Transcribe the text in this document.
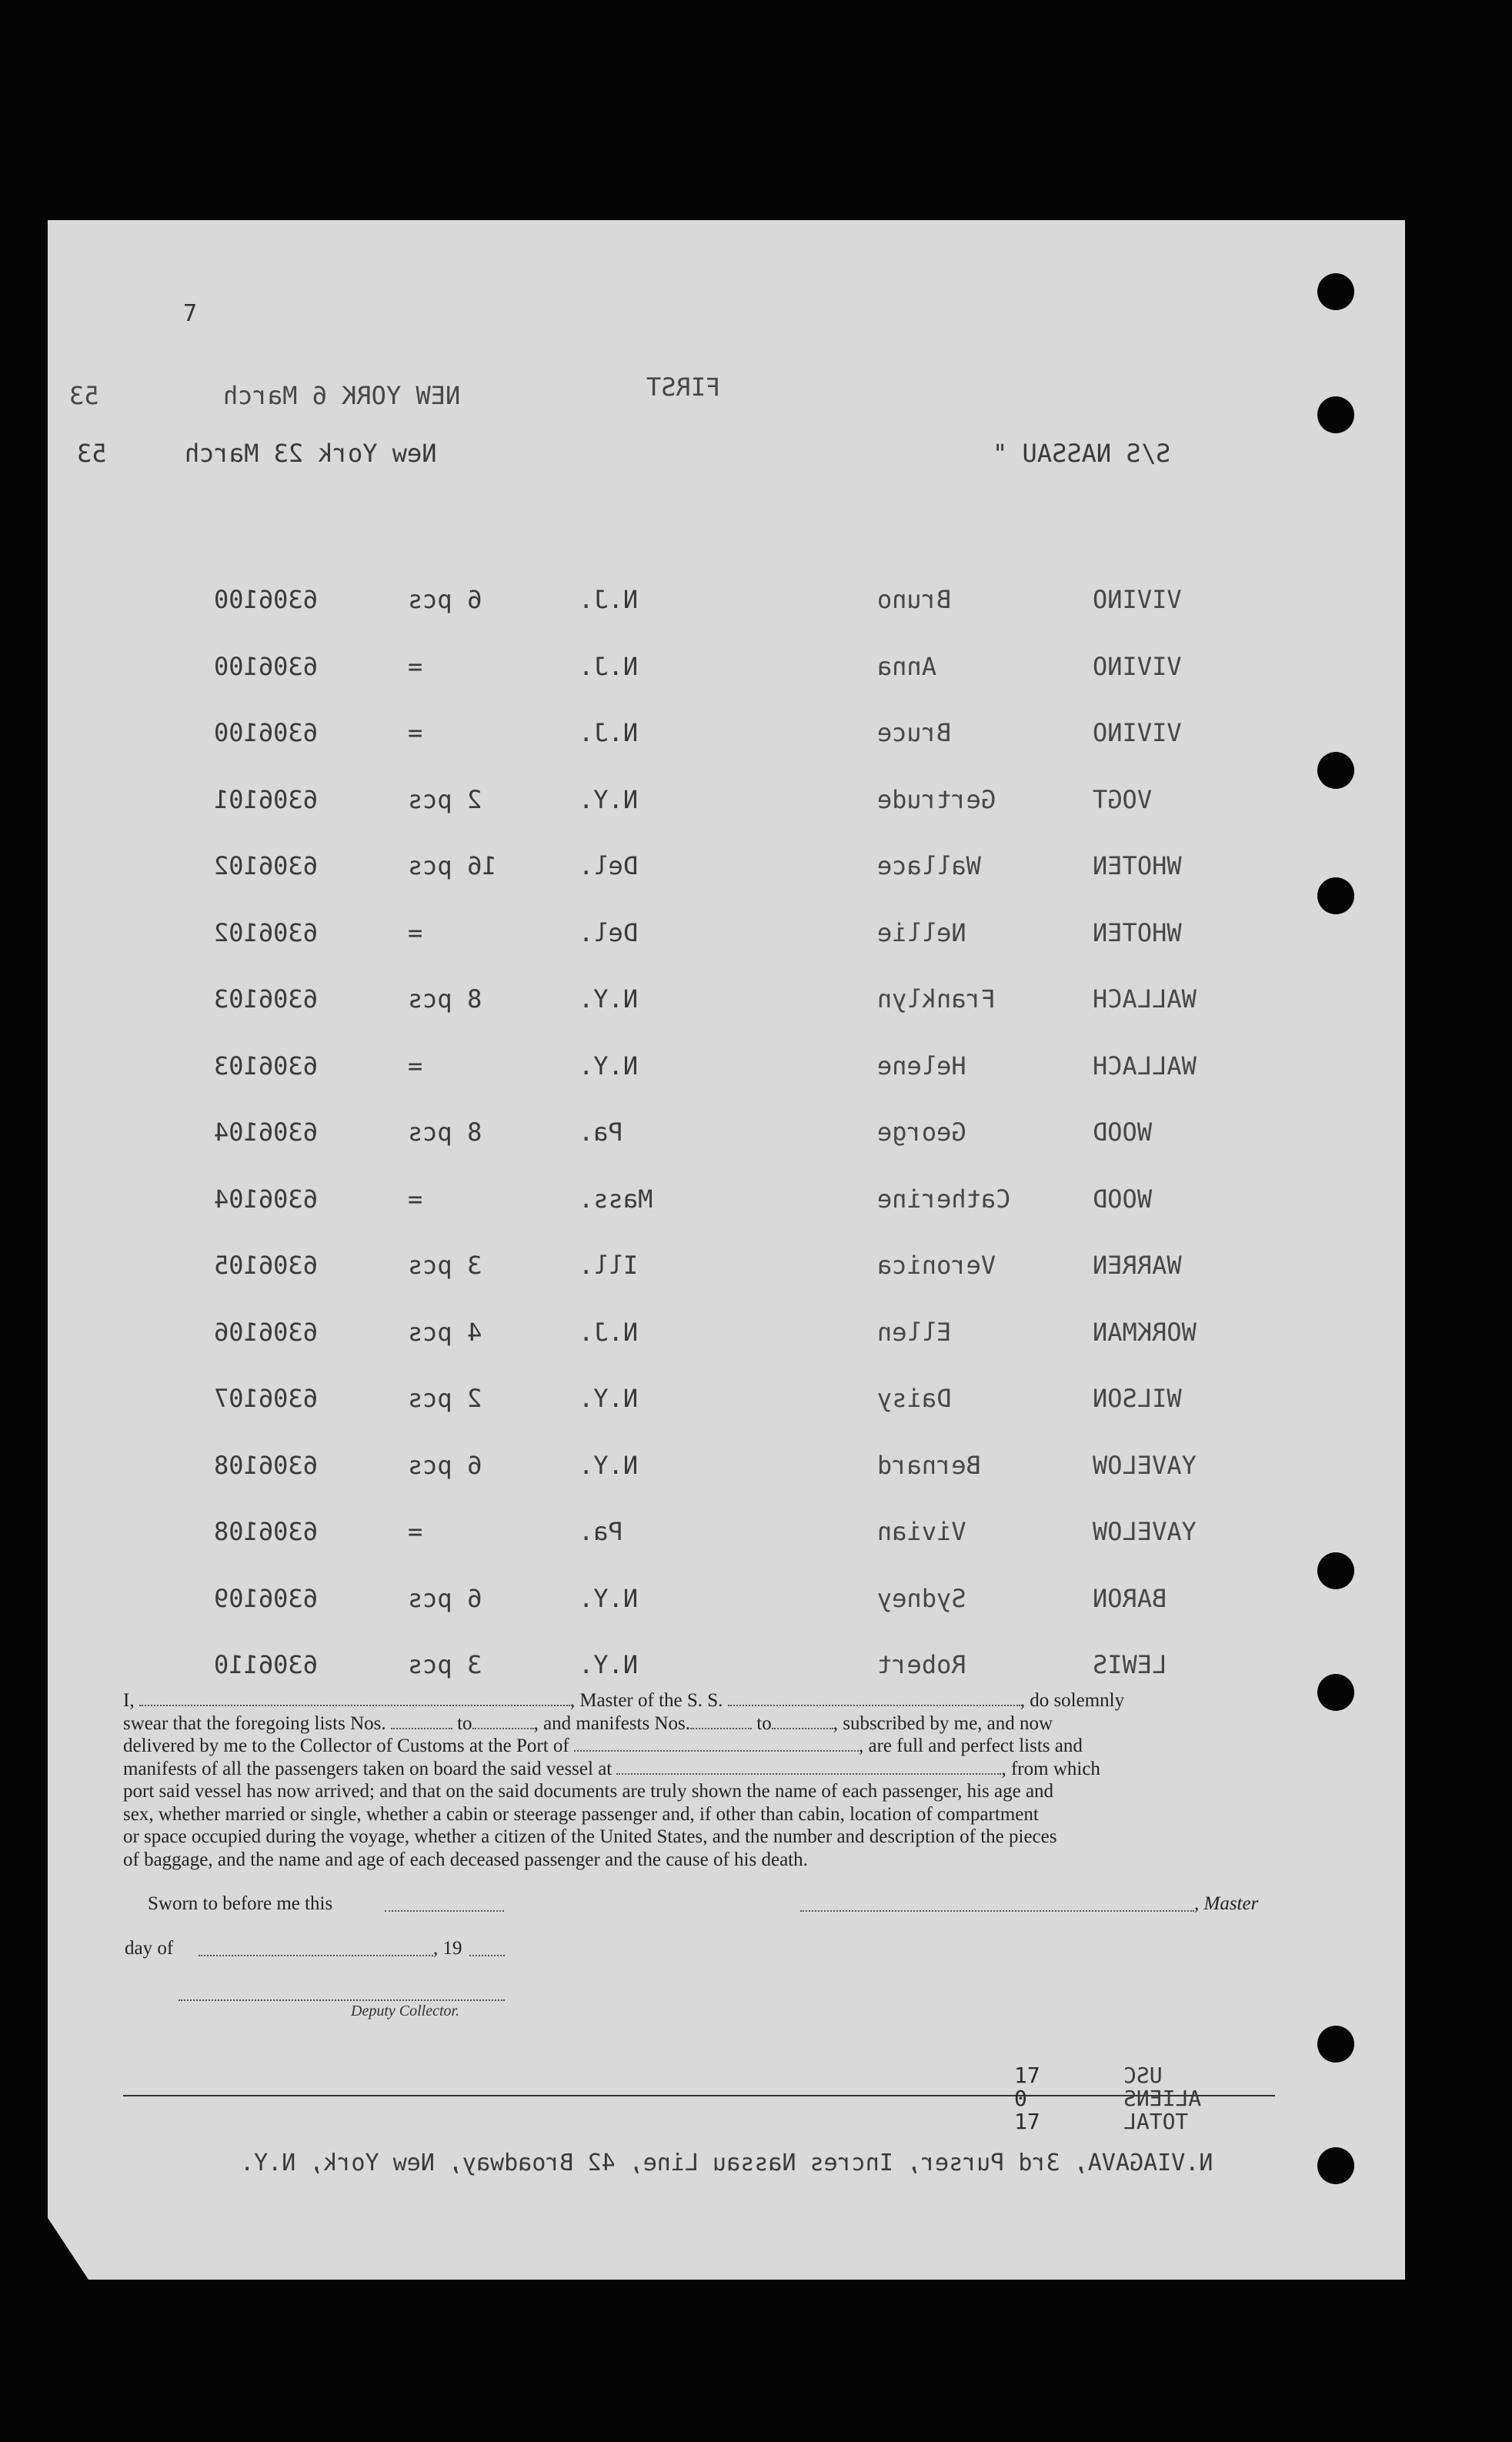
7
53	NEW YORK 6 March	FIRST
53	New York 23 March	S/S NASSAU "
6306100	6 pcs	N.J.	Bruno	VIVINO
6306100	=	N.J.	Anna	VIVINO
6306100	=	N.J.	Bruce	VIVINO
6306101	2 pcs	N.Y.	Gertrude	VOGT
6306102	16 pcs	Del.	Wallace	WHOTEN
6306102	=	Del.	Nellie	WHOTEN
6306103	8 pcs	N.Y.	Franklyn	WALLACH
6306103	=	N.Y.	Helene	WALLACH
6306104	8 pcs	Pa.	George	WOOD
6306104	=	Mass.	Catherine	WOOD
6306105	3 pcs	Ill.	Veronica	WARREN
6306106	4 pcs	N.J.	Ellen	WORKMAN
6306107	2 pcs	N.Y.	Daisy	WILSON
6306108	6 pcs	N.Y.	Bernard	YAVELOW
6306108	=	Pa.	Vivian	YAVELOW
6306109	6 pcs	N.Y.	Sydney	BARON
6306110	3 pcs	N.Y.	Robert	LEWIS

I,	, Master of the S. S.	, do solemnly

swear that the foregoing lists Nos.	to	, and manifests Nos.	to	, subscribed by me, and now

delivered by me to the Collector of Customs at the Port of	, are full and perfect lists and

manifests of all the passengers taken on board the said vessel at	, from which

port said vessel has now arrived; and that on the said documents are truly shown the name of each passenger, his age and

sex, whether married or single, whether a cabin or steerage passenger and, if other than cabin, location of compartment

or space occupied during the voyage, whether a citizen of the United States, and the number and description of the pieces

of baggage, and the name and age of each deceased passenger and the cause of his death.

Sworn to before me this	, Master
day of	, 19
Deputy Collector.
USC
17
ALIENS
0
TOTAL
17
N.VIAGAVA, 3rd Purser, Incres Nassau Line, 42 Broadway, New York, N.Y.
